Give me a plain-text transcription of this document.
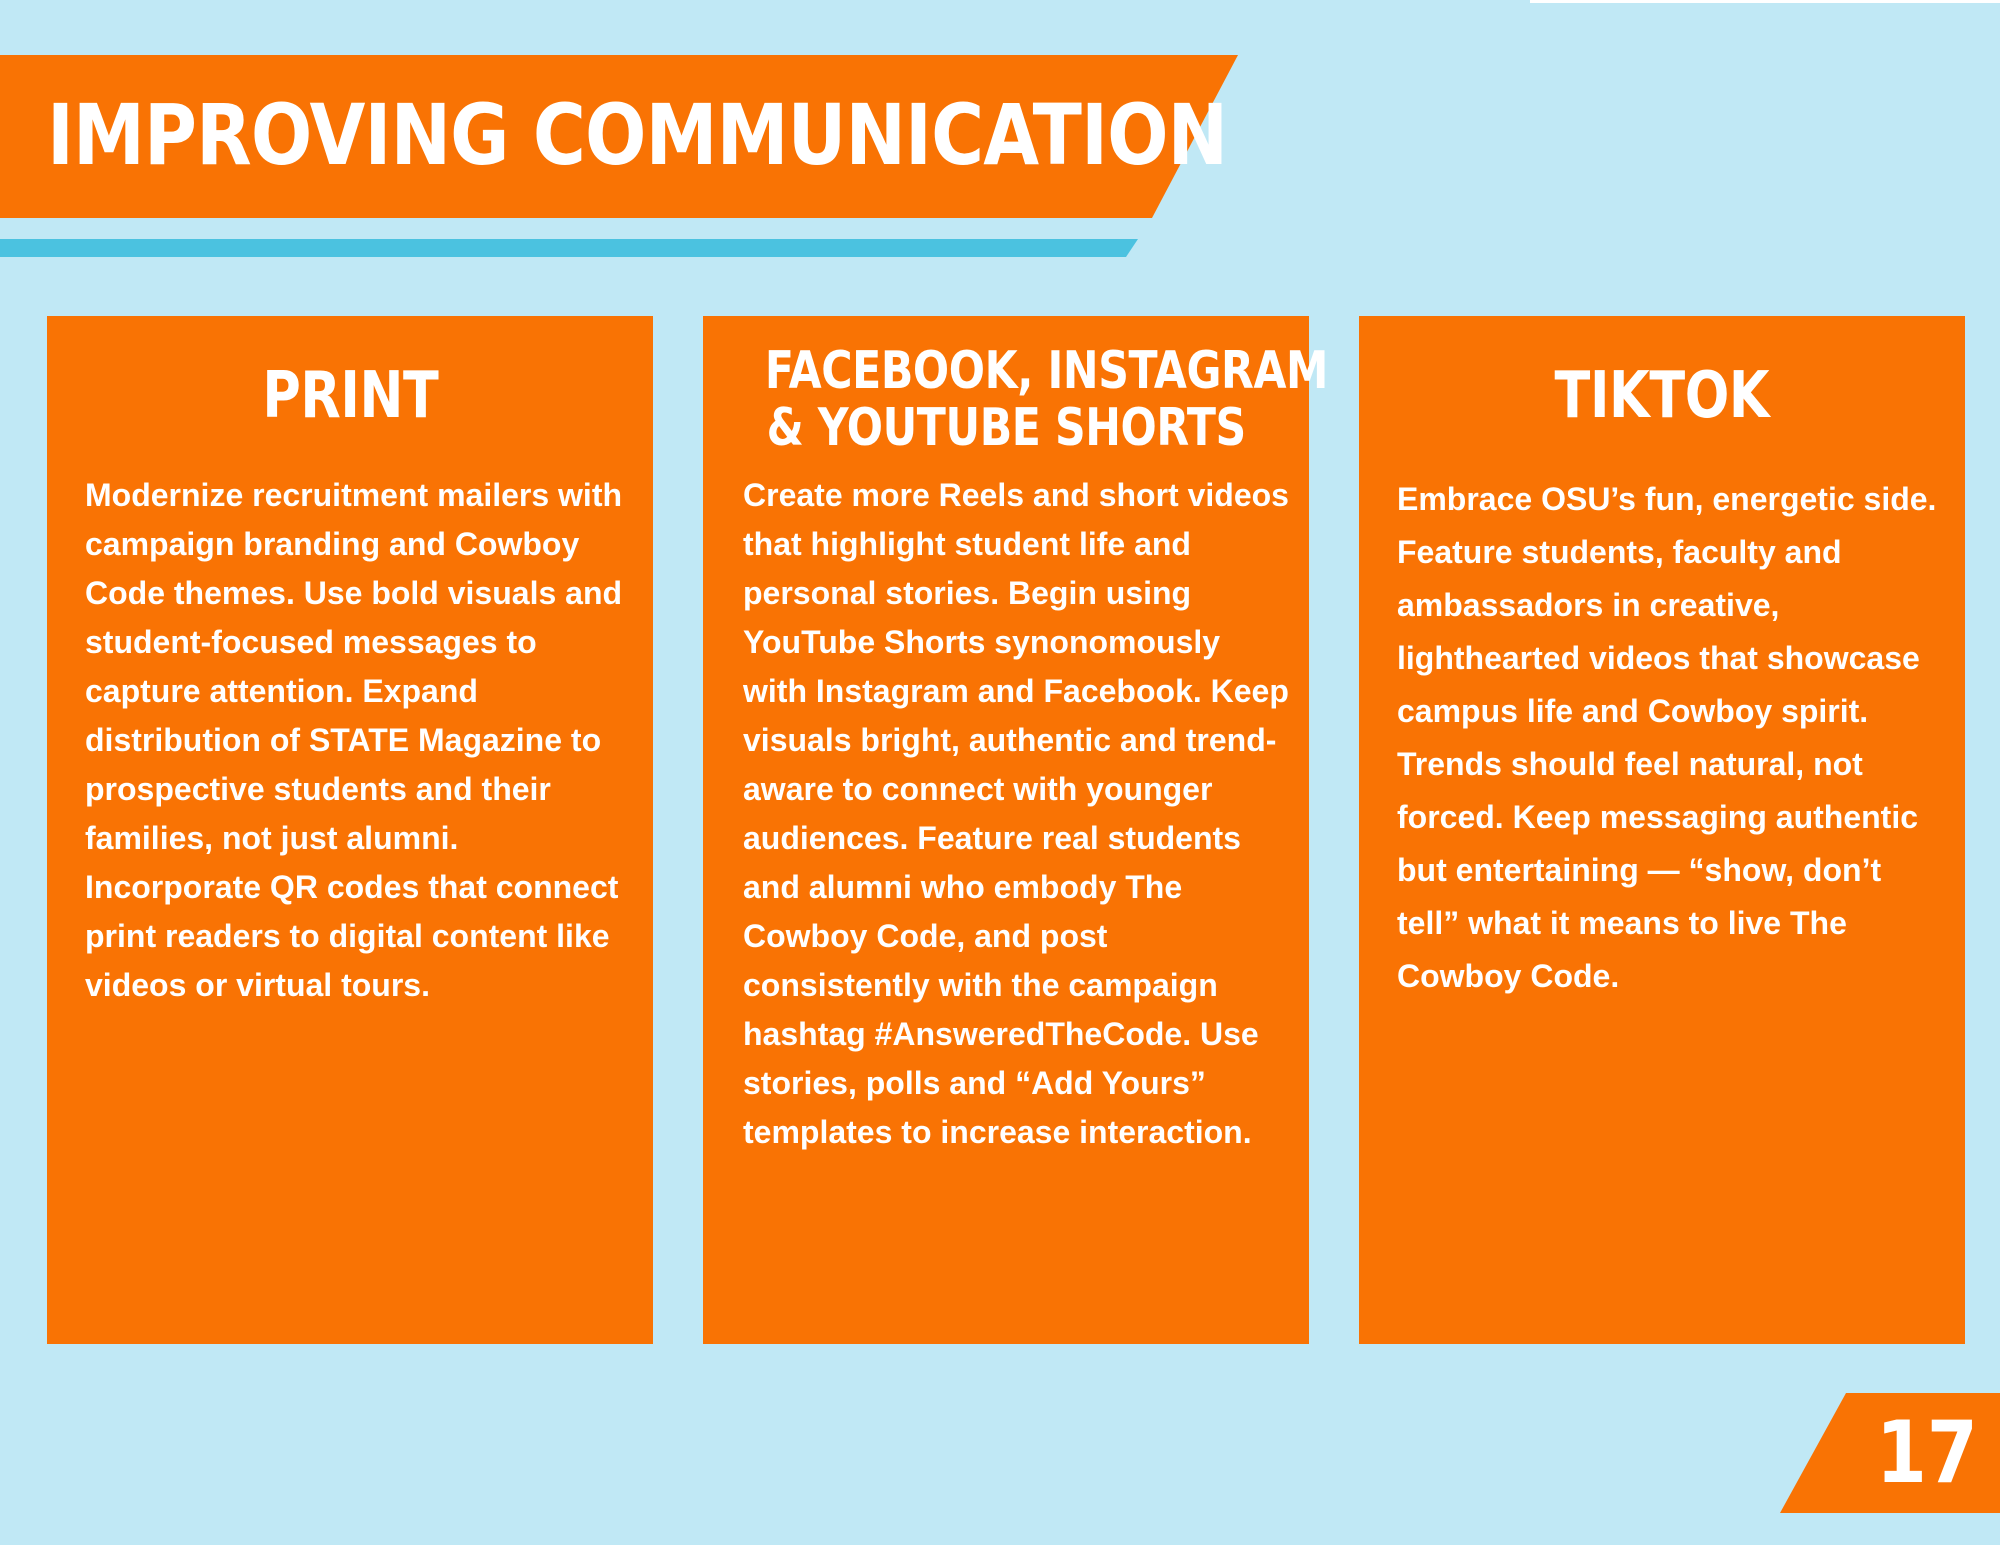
IMPROVING COMMUNICATION
PRINT

Modernize recruitment mailers with campaign branding and Cowboy Code themes. Use bold visuals and student-focused messages to capture attention. Expand distribution of STATE Magazine to prospective students and their families, not just alumni. Incorporate QR codes that connect print readers to digital content like videos or virtual tours.

FACEBOOK, INSTAGRAM
& YOUTUBE SHORTS

Create more Reels and short videos that highlight student life and personal stories. Begin using YouTube Shorts synonomously with Instagram and Facebook. Keep visuals bright, authentic and trend-aware to connect with younger audiences. Feature real students and alumni who embody The Cowboy Code, and post consistently with the campaign hashtag #AnsweredTheCode. Use stories, polls and “Add Yours” templates to increase interaction.

TIKTOK

Embrace OSU’s fun, energetic side. Feature students, faculty and ambassadors in creative, lighthearted videos that showcase campus life and Cowboy spirit. Trends should feel natural, not forced. Keep messaging authentic but entertaining — “show, don’t tell” what it means to live The Cowboy Code.

17
